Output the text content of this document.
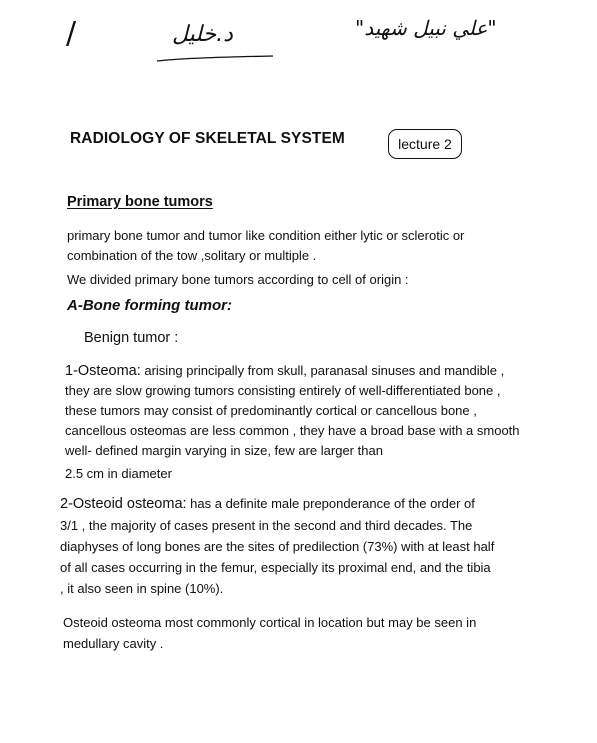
/	د.خليل	"علي نبيل شهيد"
RADIOLOGY OF SKELETAL SYSTEM	lecture 2
Primary bone tumors
primary bone tumor and tumor like condition either lytic or sclerotic or
combination of the tow ,solitary or multiple .
We divided primary bone tumors according to cell of origin :
A-Bone forming tumor:
Benign tumor :
1-Osteoma: arising principally from skull, paranasal sinuses and mandible ,
they are slow growing tumors consisting entirely of well-differentiated bone ,
these tumors may consist of predominantly cortical or cancellous bone ,
cancellous osteomas are less common , they have a broad base with a smooth
well- defined margin varying in size, few are larger than
2.5 cm in diameter
2-Osteoid osteoma: has a definite male preponderance of the order of
3/1 , the majority of cases present in the second and third decades. The
diaphyses of long bones are the sites of predilection (73%) with at least half
of all cases occurring in the femur, especially its proximal end, and the tibia
, it also seen in spine (10%).
Osteoid osteoma most commonly cortical in location but may be seen in
medullary cavity .
